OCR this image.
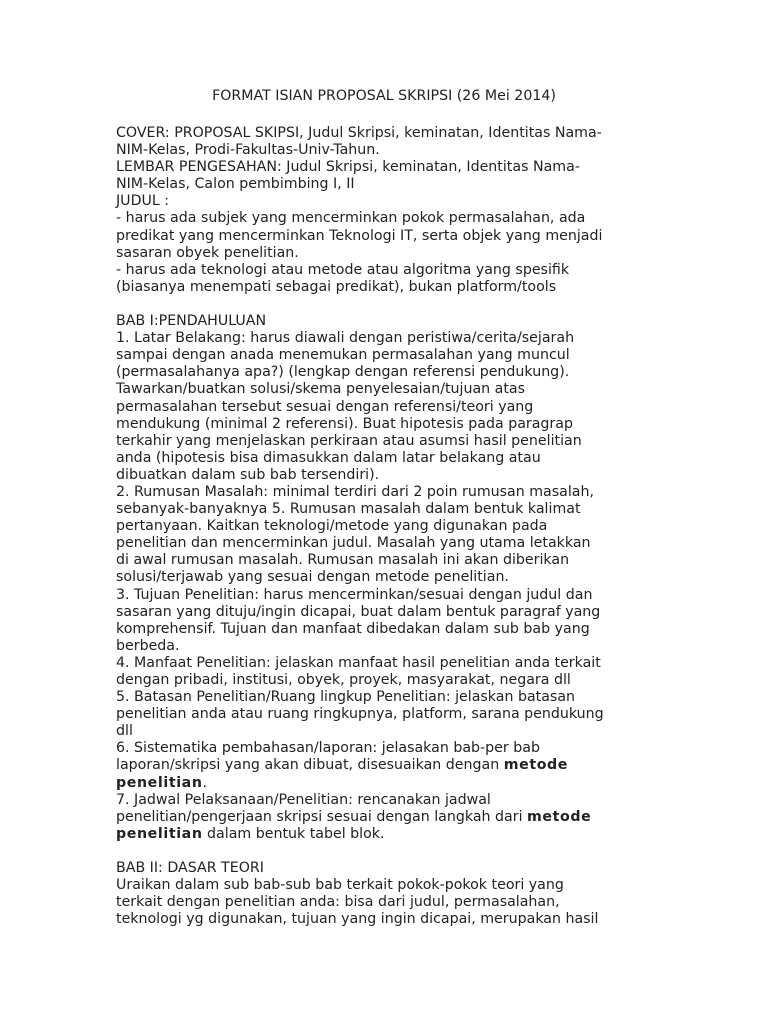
FORMAT ISIAN PROPOSAL SKRIPSI (26 Mei 2014)
COVER: PROPOSAL SKIPSI, Judul Skripsi, keminatan, Identitas Nama-
NIM-Kelas, Prodi-Fakultas-Univ-Tahun.
LEMBAR PENGESAHAN: Judul Skripsi, keminatan, Identitas Nama-
NIM-Kelas, Calon pembimbing I, II
JUDUL :
- harus ada subjek yang mencerminkan pokok permasalahan, ada
predikat yang mencerminkan Teknologi IT, serta objek yang menjadi
sasaran obyek penelitian.
- harus ada teknologi atau metode atau algoritma yang spesifik
(biasanya menempati sebagai predikat), bukan platform/tools
BAB I:PENDAHULUAN
1. Latar Belakang: harus diawali dengan peristiwa/cerita/sejarah
sampai dengan anada menemukan permasalahan yang muncul
(permasalahanya apa?) (lengkap dengan referensi pendukung).
Tawarkan/buatkan solusi/skema penyelesaian/tujuan atas
permasalahan tersebut sesuai dengan referensi/teori yang
mendukung (minimal 2 referensi). Buat hipotesis pada paragrap
terkahir yang menjelaskan perkiraan atau asumsi hasil penelitian
anda (hipotesis bisa dimasukkan dalam latar belakang atau
dibuatkan dalam sub bab tersendiri).
2. Rumusan Masalah: minimal terdiri dari 2 poin rumusan masalah,
sebanyak-banyaknya 5. Rumusan masalah dalam bentuk kalimat
pertanyaan. Kaitkan teknologi/metode yang digunakan pada
penelitian dan mencerminkan judul. Masalah yang utama letakkan
di awal rumusan masalah. Rumusan masalah ini akan diberikan
solusi/terjawab yang sesuai dengan metode penelitian.
3. Tujuan Penelitian: harus mencerminkan/sesuai dengan judul dan
sasaran yang dituju/ingin dicapai, buat dalam bentuk paragraf yang
komprehensif. Tujuan dan manfaat dibedakan dalam sub bab yang
berbeda.
4. Manfaat Penelitian: jelaskan manfaat hasil penelitian anda terkait
dengan pribadi, institusi, obyek, proyek, masyarakat, negara dll
5. Batasan Penelitian/Ruang lingkup Penelitian: jelaskan batasan
penelitian anda atau ruang ringkupnya, platform, sarana pendukung
dll
6. Sistematika pembahasan/laporan: jelasakan bab-per bab
laporan/skripsi yang akan dibuat, disesuaikan dengan metode
penelitian.
7. Jadwal Pelaksanaan/Penelitian: rencanakan jadwal
penelitian/pengerjaan skripsi sesuai dengan langkah dari metode
penelitian dalam bentuk tabel blok.
BAB II: DASAR TEORI
Uraikan dalam sub bab-sub bab terkait pokok-pokok teori yang
terkait dengan penelitian anda: bisa dari judul, permasalahan,
teknologi yg digunakan, tujuan yang ingin dicapai, merupakan hasil
